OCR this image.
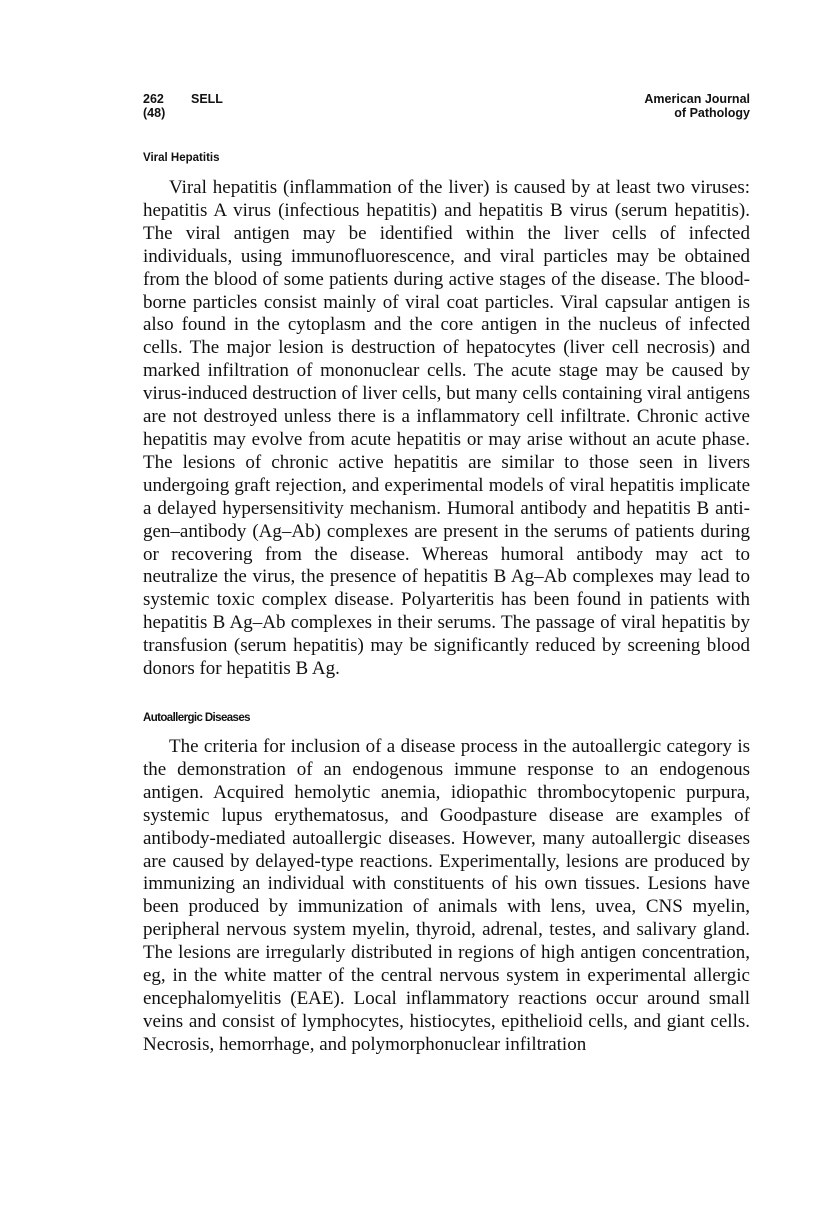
262 SELL
(48)
American Journal
of Pathology
Viral Hepatitis

Viral hepatitis (inflammation of the liver) is caused by at least two viruses: hepatitis A virus (infectious hepatitis) and hepatitis B virus (serum hepatitis). The viral antigen may be identified within the liver cells of infected individuals, using immunofluorescence, and viral particles may be obtained from the blood of some patients during active stages of the disease. The blood-borne particles consist mainly of viral coat particles. Viral capsular antigen is also found in the cytoplasm and the core antigen in the nucleus of infected cells. The major lesion is destruction of hepatocytes (liver cell necrosis) and marked infiltration of mononuclear cells. The acute stage may be caused by virus-induced destruction of liver cells, but many cells containing viral antigens are not destroyed unless there is a inflammatory cell infiltrate. Chronic active hepatitis may evolve from acute hepatitis or may arise without an acute phase. The lesions of chronic active hepatitis are similar to those seen in livers undergoing graft rejection, and experimental models of viral hepatitis implicate a delayed hypersensitivity mechanism. Humoral antibody and hepatitis B antigen–antibody (Ag–Ab) complexes are present in the serums of patients during or recovering from the disease. Whereas humoral antibody may act to neutralize the virus, the presence of hepatitis B Ag–Ab complexes may lead to systemic toxic complex disease. Polyarteritis has been found in patients with hepatitis B Ag–Ab complexes in their serums. The passage of viral hepatitis by transfusion (serum hepatitis) may be significantly reduced by screening blood donors for hepatitis B Ag.

Autoallergic Diseases

The criteria for inclusion of a disease process in the autoallergic category is the demonstration of an endogenous immune response to an endogenous antigen. Acquired hemolytic anemia, idiopathic thrombocytopenic purpura, systemic lupus erythematosus, and Goodpasture disease are examples of antibody-mediated autoallergic diseases. However, many autoallergic diseases are caused by delayed-type reactions. Experimentally, lesions are produced by immunizing an individual with constituents of his own tissues. Lesions have been produced by immunization of animals with lens, uvea, CNS myelin, peripheral nervous system myelin, thyroid, adrenal, testes, and salivary gland. The lesions are irregularly distributed in regions of high antigen concentration, eg, in the white matter of the central nervous system in experimental allergic encephalomyelitis (EAE). Local inflammatory reactions occur around small veins and consist of lymphocytes, histiocytes, epithelioid cells, and giant cells. Necrosis, hemorrhage, and polymorphonuclear infiltration
